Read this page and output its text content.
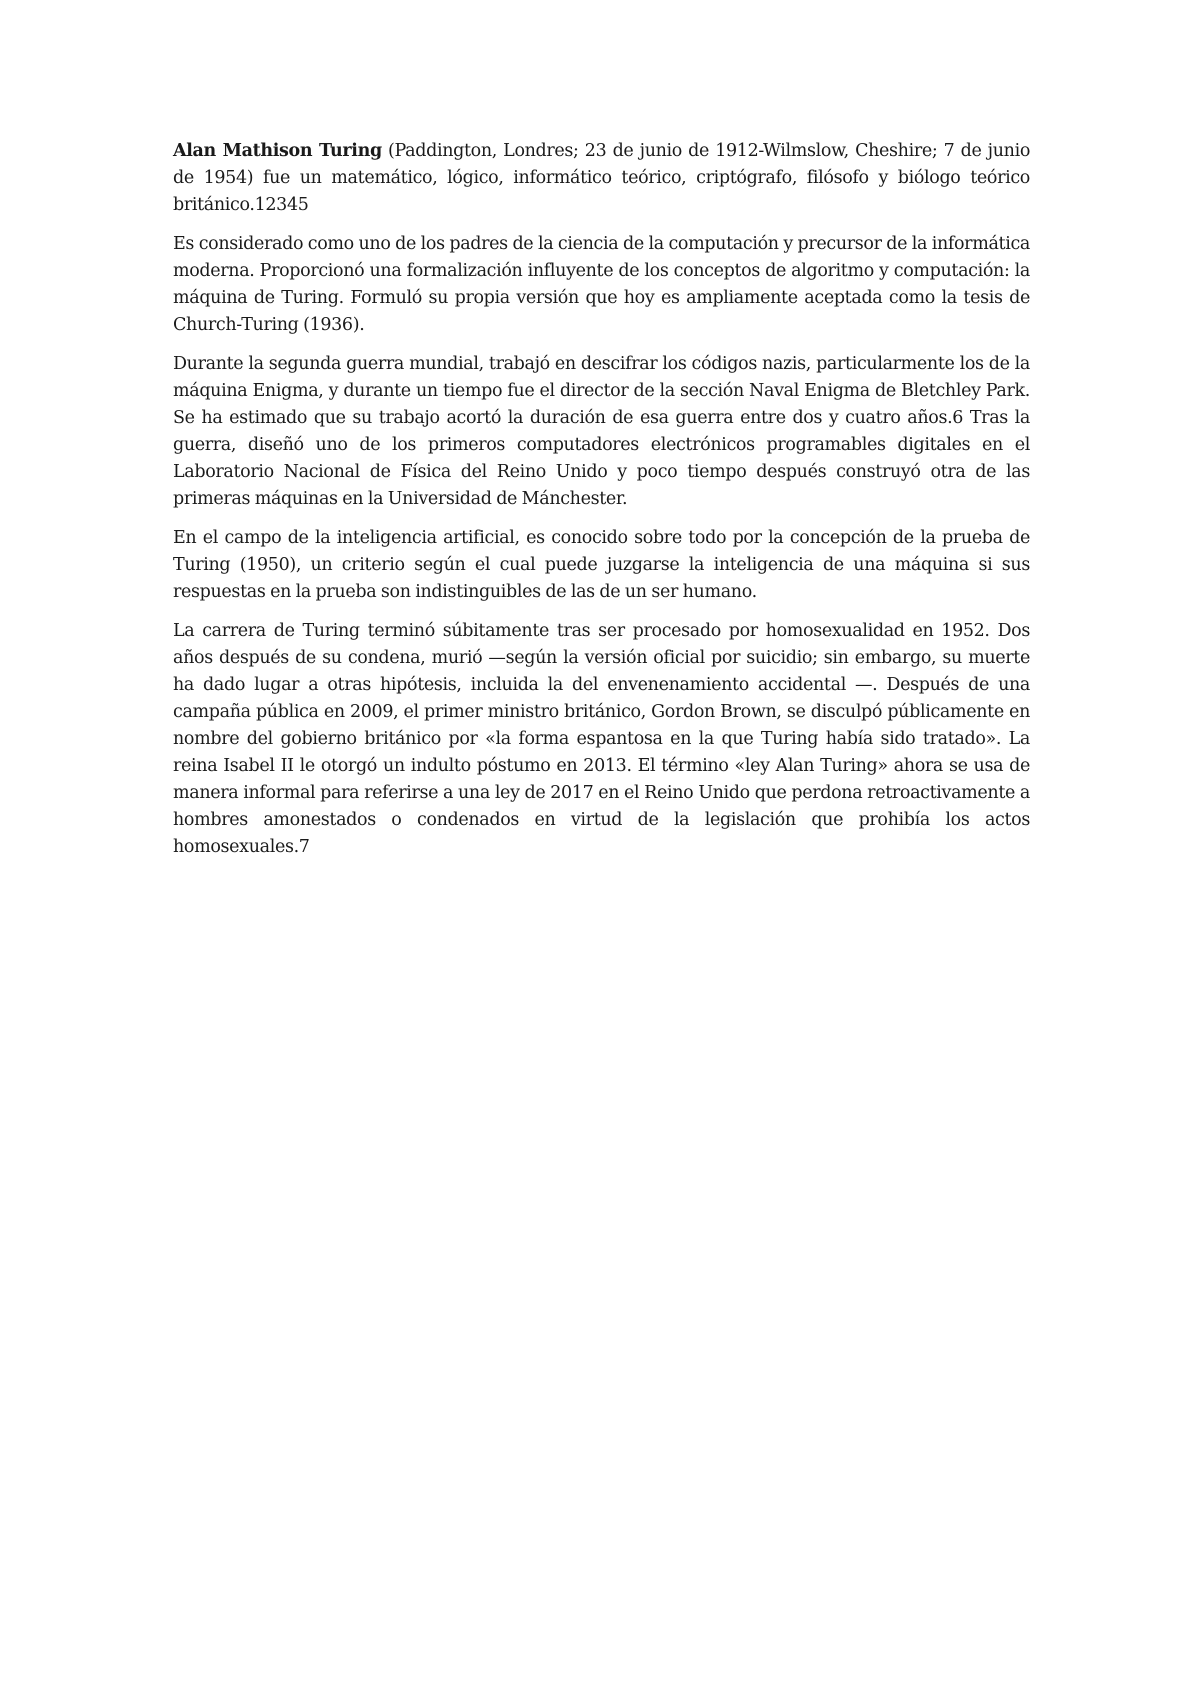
Alan Mathison Turing (Paddington, Londres; 23 de junio de 1912-Wilmslow, Cheshire; 7 de junio de 1954) fue un matemático, lógico, informático teórico, criptógrafo, filósofo y biólogo teórico británico.12345

Es considerado como uno de los padres de la ciencia de la computación y precursor de la informática moderna. Proporcionó una formalización influyente de los conceptos de algoritmo y computación: la máquina de Turing. Formuló su propia versión que hoy es ampliamente aceptada como la tesis de Church-Turing (1936).

Durante la segunda guerra mundial, trabajó en descifrar los códigos nazis, particularmente los de la máquina Enigma, y durante un tiempo fue el director de la sección Naval Enigma de Bletchley Park. Se ha estimado que su trabajo acortó la duración de esa guerra entre dos y cuatro años.6 Tras la guerra, diseñó uno de los primeros computadores electrónicos programables digitales en el Laboratorio Nacional de Física del Reino Unido y poco tiempo después construyó otra de las primeras máquinas en la Universidad de Mánchester.

En el campo de la inteligencia artificial, es conocido sobre todo por la concepción de la prueba de Turing (1950), un criterio según el cual puede juzgarse la inteligencia de una máquina si sus respuestas en la prueba son indistinguibles de las de un ser humano.

La carrera de Turing terminó súbitamente tras ser procesado por homosexualidad en 1952. Dos años después de su condena, murió —según la versión oficial por suicidio; sin embargo, su muerte ha dado lugar a otras hipótesis, incluida la del envenenamiento accidental —. Después de una campaña pública en 2009, el primer ministro británico, Gordon Brown, se disculpó públicamente en nombre del gobierno británico por «la forma espantosa en la que Turing había sido tratado». La reina Isabel II le otorgó un indulto póstumo en 2013. El término «ley Alan Turing» ahora se usa de manera informal para referirse a una ley de 2017 en el Reino Unido que perdona retroactivamente a hombres amonestados o condenados en virtud de la legislación que prohibía los actos homosexuales.7
